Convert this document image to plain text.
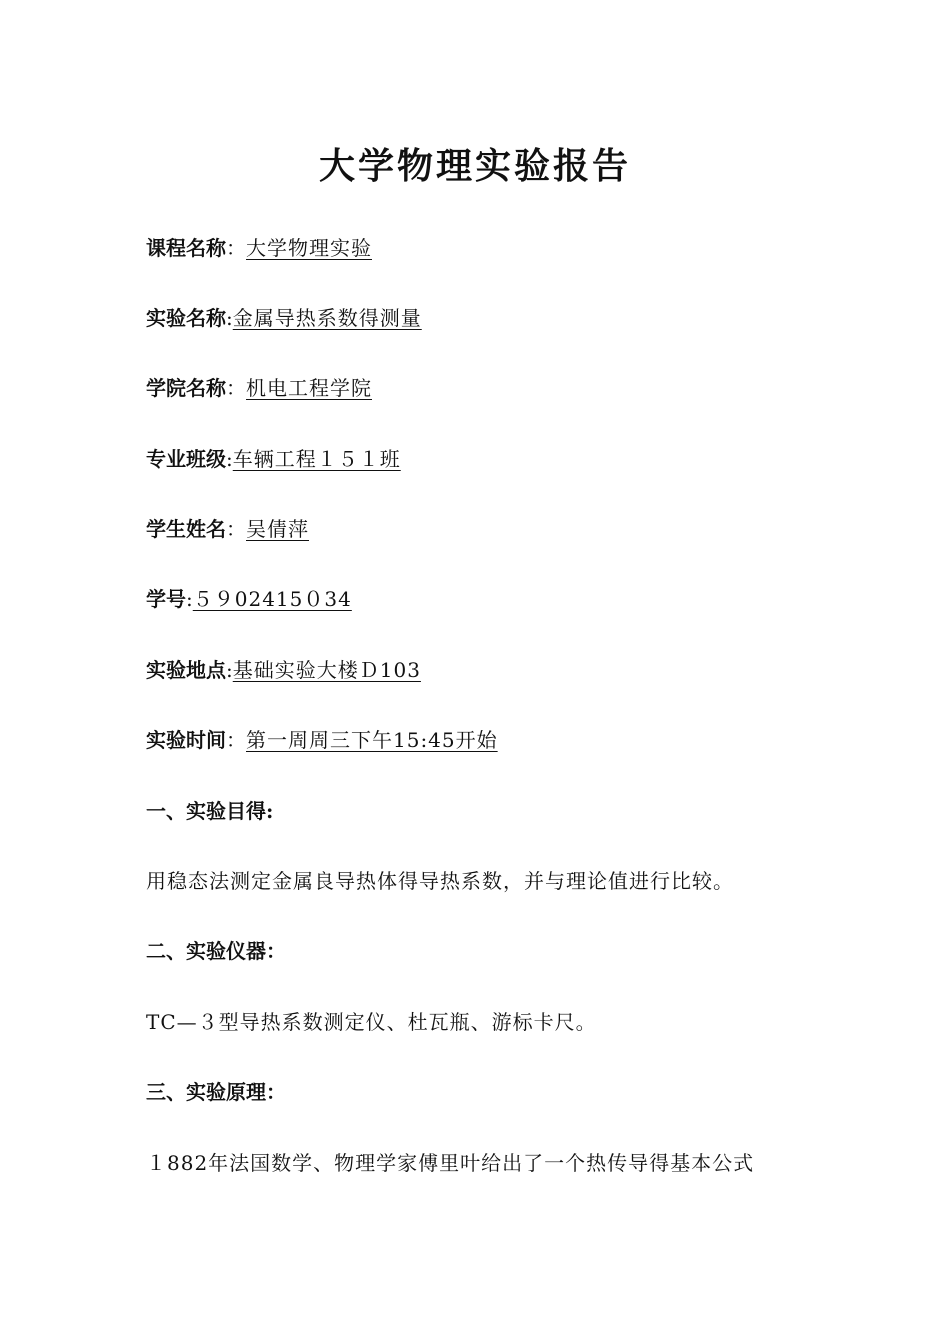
大学物理实验报告
课程名称：大学物理实验
实验名称:金属导热系数得测量
学院名称：机电工程学院
专业班级:车辆工程１５１班
学生姓名：吴倩萍
学号:５９02415０34
实验地点:基础实验大楼Ｄ103
实验时间：第一周周三下午15:45开始
一、实验目得:
用稳态法测定金属良导热体得导热系数，并与理论值进行比较。
二、实验仪器：
TC—３型导热系数测定仪、杜瓦瓶、游标卡尺。
三、实验原理：
１882年法国数学、物理学家傅里叶给出了一个热传导得基本公式
